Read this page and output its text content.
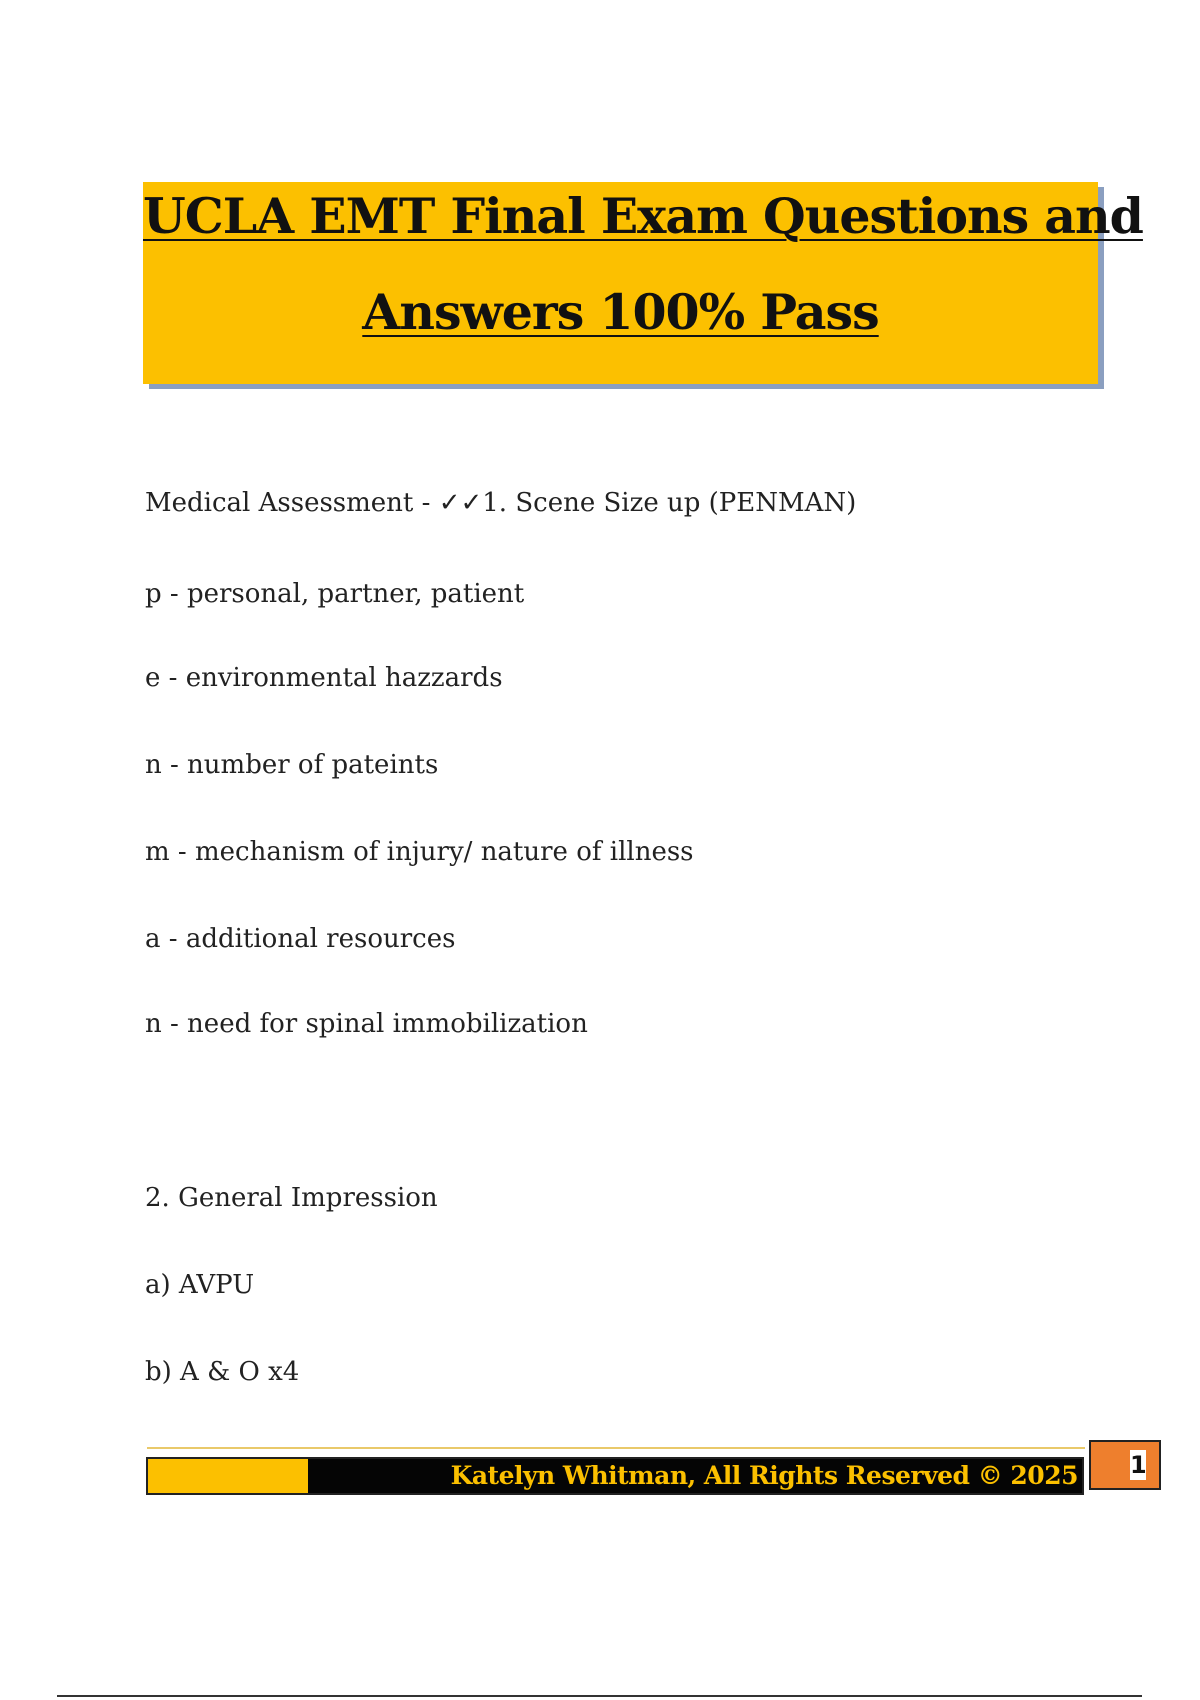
UCLA EMT Final Exam Questions and
Answers 100% Pass
Medical Assessment - ✓✓1. Scene Size up (PENMAN)
p - personal, partner, patient
e - environmental hazzards
n - number of pateints
m - mechanism of injury/ nature of illness
a - additional resources
n - need for spinal immobilization
2. General Impression
a) AVPU
b) A & O x4
Katelyn Whitman, All Rights Reserved © 2025 1
